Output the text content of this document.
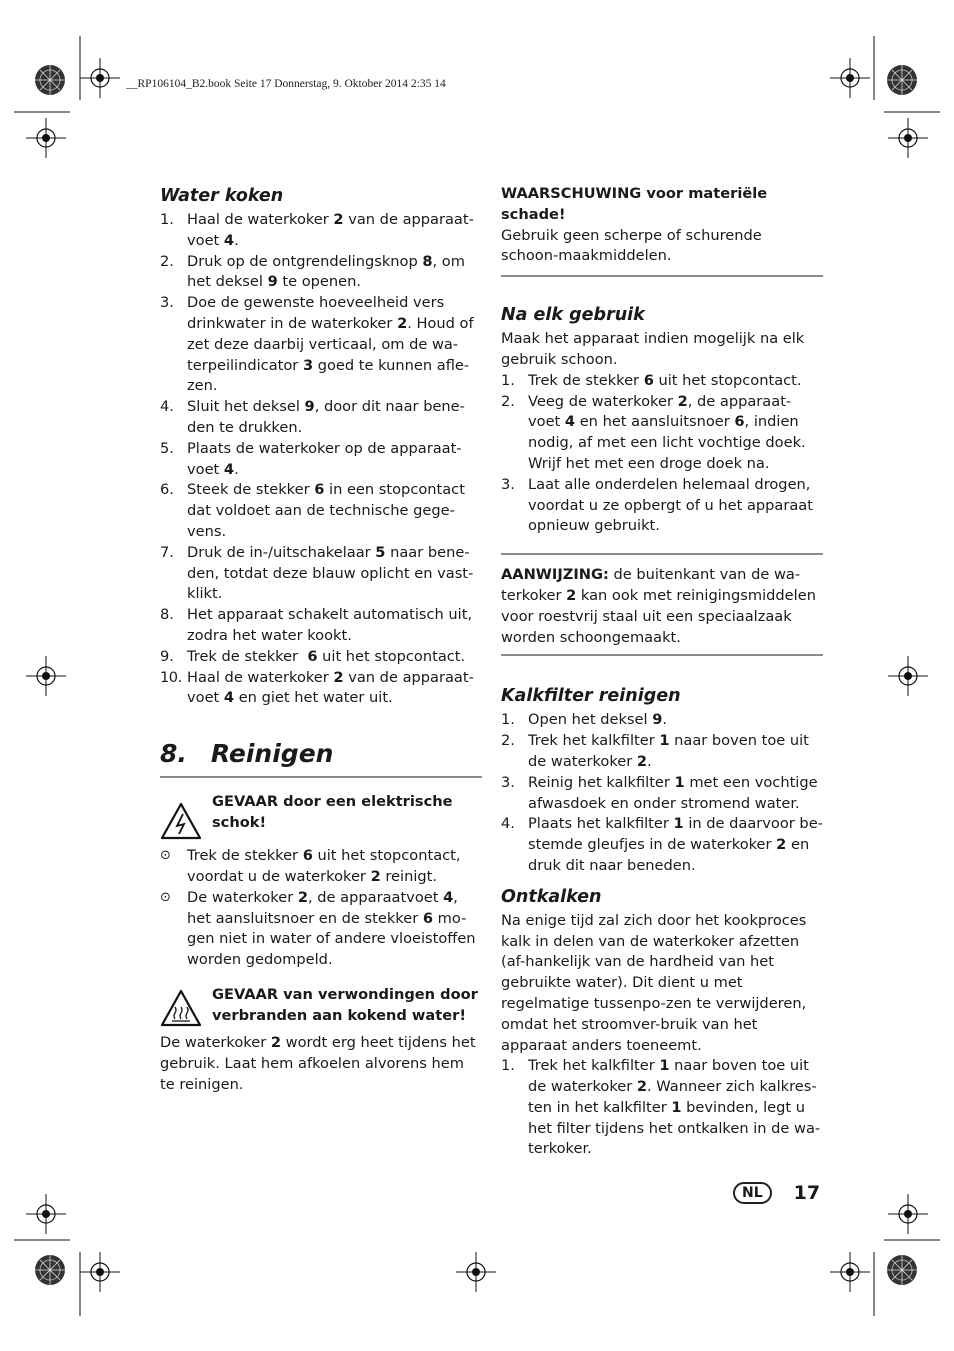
__RP106104_B2.book Seite 17 Donnerstag, 9. Oktober 2014 2:35 14
Water koken
1. Haal de waterkoker 2 van de apparaat-voet 4.
2. Druk op de ontgrendelingsknop 8, om het deksel 9 te openen.
3. Doe de gewenste hoeveelheid vers drinkwater in de waterkoker 2. Houd of zet deze daarbij verticaal, om de wa-terpeilindicator 3 goed te kunnen afle-zen.
4. Sluit het deksel 9, door dit naar bene-den te drukken.
5. Plaats de waterkoker op de apparaat-voet 4.
6. Steek de stekker 6 in een stopcontact dat voldoet aan de technische gege-vens.
7. Druk de in-/uitschakelaar 5 naar bene-den, totdat deze blauw oplicht en vast-klikt.
8. Het apparaat schakelt automatisch uit, zodra het water kookt.
9. Trek de stekker  6 uit het stopcontact.
10. Haal de waterkoker 2 van de apparaat-voet 4 en giet het water uit.
8. Reinigen
GEVAAR door een elektrische schok!
⊙	Trek de stekker 6 uit het stopcontact, voordat u de waterkoker 2 reinigt.
⊙	De waterkoker 2, de apparaatvoet 4, het aansluitsnoer en de stekker 6 mo-gen niet in water of andere vloeistoffen worden gedompeld.
GEVAAR van verwondingen door verbranden aan kokend water!

De waterkoker 2 wordt erg heet tijdens het gebruik. Laat hem afkoelen alvorens hem te reinigen.

WAARSCHUWING voor materiële schade!

Gebruik geen scherpe of schurende schoon-maakmiddelen.

Na elk gebruik

Maak het apparaat indien mogelijk na elk gebruik schoon.

1. Trek de stekker 6 uit het stopcontact.
2. Veeg de waterkoker 2, de apparaat-voet 4 en het aansluitsnoer 6, indien nodig, af met een licht vochtige doek. Wrijf het met een droge doek na.
3. Laat alle onderdelen helemaal drogen, voordat u ze opbergt of u het apparaat opnieuw gebruikt.

AANWIJZING: de buitenkant van de wa-terkoker 2 kan ook met reinigingsmiddelen voor roestvrij staal uit een speciaalzaak worden schoongemaakt.

Kalkfilter reinigen
1. Open het deksel 9.
2. Trek het kalkfilter 1 naar boven toe uit de waterkoker 2.
3. Reinig het kalkfilter 1 met een vochtige afwasdoek en onder stromend water.
4. Plaats het kalkfilter 1 in de daarvoor be-stemde gleufjes in de waterkoker 2 en druk dit naar beneden.
Ontkalken

Na enige tijd zal zich door het kookproces kalk in delen van de waterkoker afzetten (af-hankelijk van de hardheid van het gebruikte water). Dit dient u met regelmatige tussenpo-zen te verwijderen, omdat het stroomver-bruik van het apparaat anders toeneemt.

1. Trek het kalkfilter 1 naar boven toe uit de waterkoker 2. Wanneer zich kalkres-ten in het kalkfilter 1 bevinden, legt u het filter tijdens het ontkalken in de wa-terkoker.
NL	17
